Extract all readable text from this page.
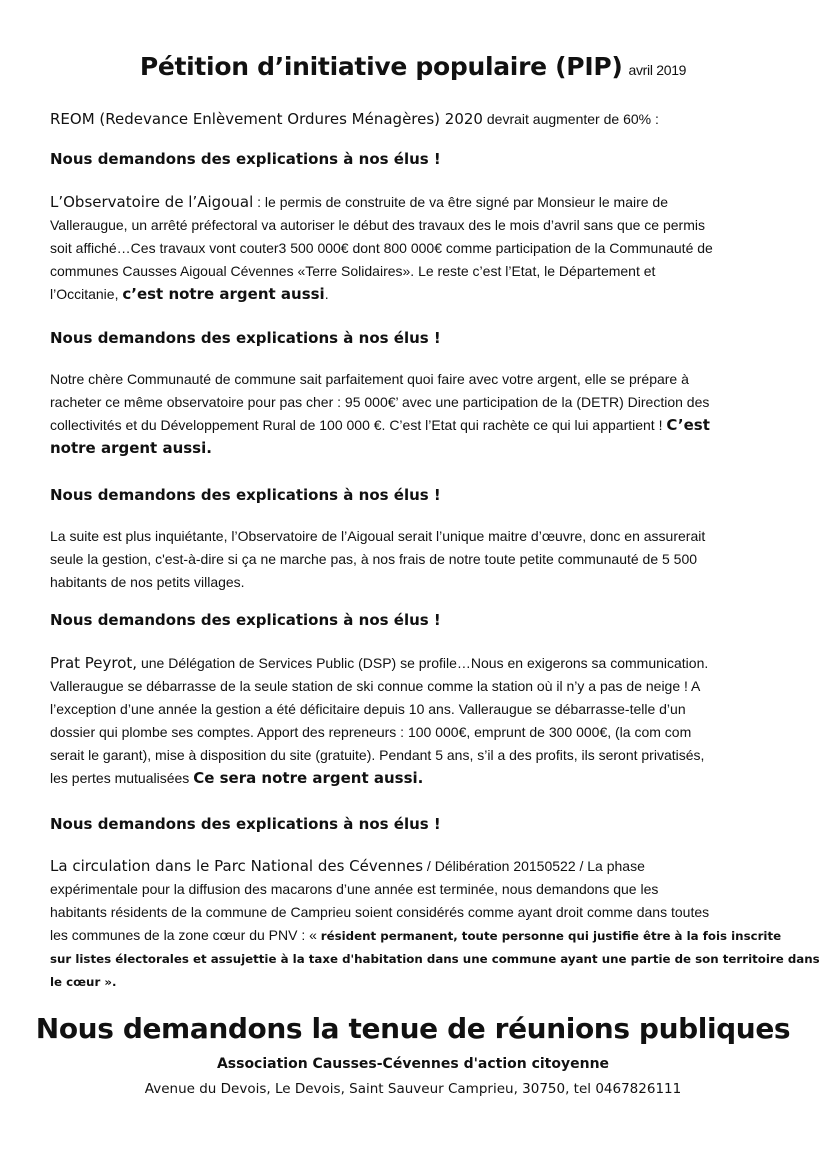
Pétition d’initiative populaire (PIP) avril 2019
REOM (Redevance Enlèvement Ordures Ménagères) 2020 devrait augmenter de 60% :
Nous demandons des explications à nos élus !
L’Observatoire de l’Aigoual : le permis de construite de va être signé par Monsieur le maire de
Valleraugue, un arrêté préfectoral va autoriser le début des travaux des le mois d’avril sans que ce permis
soit affiché…Ces travaux vont couter3 500 000€ dont 800 000€ comme participation de la Communauté de
communes Causses Aigoual Cévennes «Terre Solidaires». Le reste c’est l’Etat, le Département et
l’Occitanie, c’est notre argent aussi.
Nous demandons des explications à nos élus !
Notre chère Communauté de commune sait parfaitement quoi faire avec votre argent, elle se prépare à
racheter ce même observatoire pour pas cher : 95 000€’ avec une participation de la (DETR) Direction des
collectivités et du Développement Rural de 100 000 €. C’est l’Etat qui rachète ce qui lui appartient ! C’est
notre argent aussi.
Nous demandons des explications à nos élus !
La suite est plus inquiétante, l’Observatoire de l’Aigoual serait l’unique maitre d’œuvre, donc en assurerait
seule la gestion, c'est-à-dire si ça ne marche pas, à nos frais de notre toute petite communauté de 5 500
habitants de nos petits villages.
Nous demandons des explications à nos élus !
Prat Peyrot, une Délégation de Services Public (DSP) se profile…Nous en exigerons sa communication.
Valleraugue se débarrasse de la seule station de ski connue comme la station où il n’y a pas de neige ! A
l’exception d’une année la gestion a été déficitaire depuis 10 ans. Valleraugue se débarrasse-telle d’un
dossier qui plombe ses comptes. Apport des repreneurs : 100 000€, emprunt de 300 000€, (la com com
serait le garant), mise à disposition du site (gratuite). Pendant 5 ans, s’il a des profits, ils seront privatisés,
les pertes mutualisées Ce sera notre argent aussi.
Nous demandons des explications à nos élus !
La circulation dans le Parc National des Cévennes / Délibération 20150522 / La phase
expérimentale pour la diffusion des macarons d’une année est terminée, nous demandons que les
habitants résidents de la commune de Camprieu soient considérés comme ayant droit comme dans toutes
les communes de la zone cœur du PNV : « résident permanent, toute personne qui justifie être à la fois inscrite
sur listes électorales et assujettie à la taxe d'habitation dans une commune ayant une partie de son territoire dans
le cœur ».
Nous demandons la tenue de réunions publiques
Association Causses-Cévennes d'action citoyenne
Avenue du Devois, Le Devois, Saint Sauveur Camprieu, 30750, tel 0467826111
